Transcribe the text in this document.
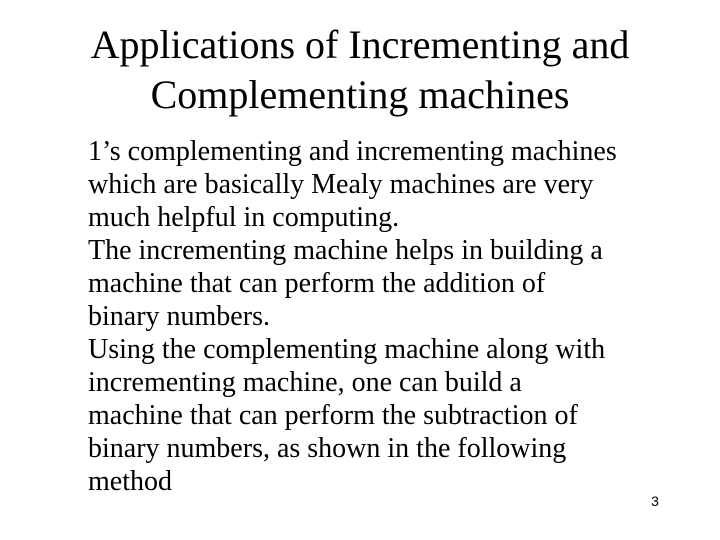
Applications of Incrementing and
Complementing machines
1’s complementing and incrementing machines
which are basically Mealy machines are very
much helpful in computing.
The incrementing machine helps in building a
machine that can perform the addition of
binary numbers.
Using the complementing machine along with
incrementing machine, one can build a
machine that can perform the subtraction of
binary numbers, as shown in the following
method
3
